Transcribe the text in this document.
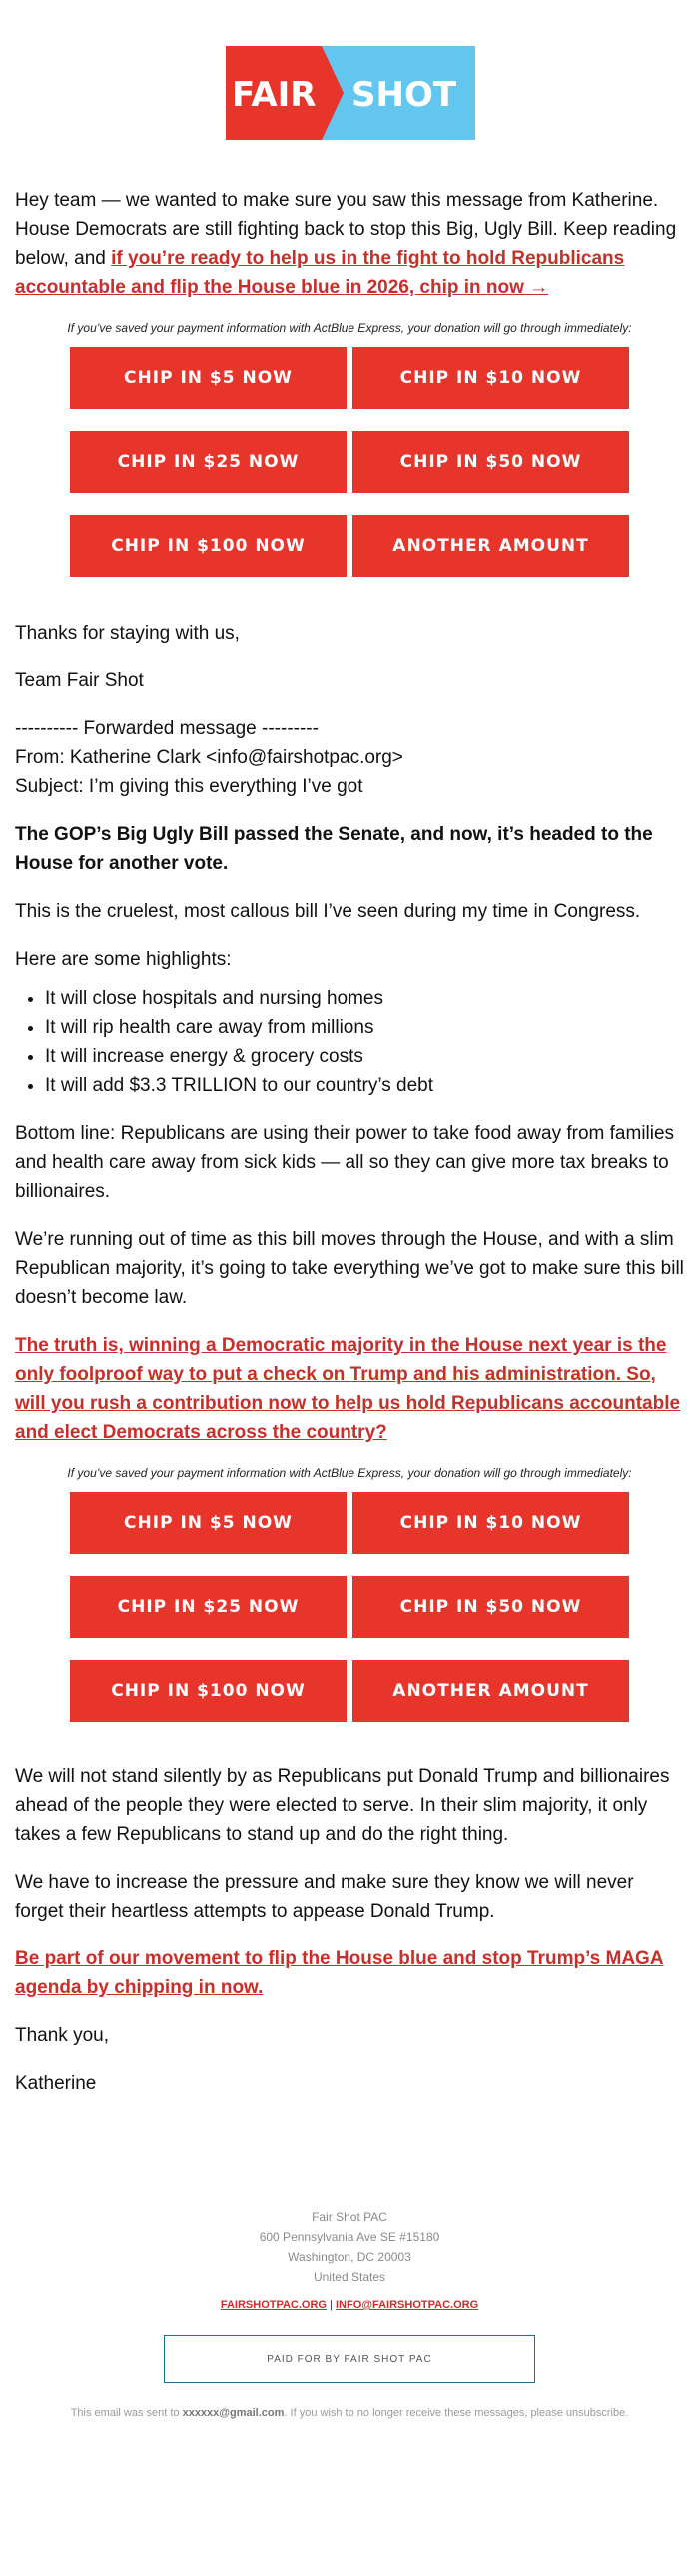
FAIR SHOT

Hey team — we wanted to make sure you saw this message from Katherine. House Democrats are still fighting back to stop this Big, Ugly Bill. Keep reading below, and if you’re ready to help us in the fight to hold Republicans accountable and flip the House blue in 2026, chip in now →

If you’ve saved your payment information with ActBlue Express, your donation will go through immediately:
CHIP IN $5 NOW	CHIP IN $10 NOW
CHIP IN $25 NOW	CHIP IN $50 NOW
CHIP IN $100 NOW	ANOTHER AMOUNT

Thanks for staying with us,

Team Fair Shot

---------- Forwarded message ---------
From: Katherine Clark <info@fairshotpac.org>
Subject: I’m giving this everything I’ve got

The GOP’s Big Ugly Bill passed the Senate, and now, it’s headed to the House for another vote.

This is the cruelest, most callous bill I’ve seen during my time in Congress.

Here are some highlights:

• It will close hospitals and nursing homes
• It will rip health care away from millions
• It will increase energy & grocery costs
• It will add $3.3 TRILLION to our country’s debt

Bottom line: Republicans are using their power to take food away from families and health care away from sick kids — all so they can give more tax breaks to billionaires.

We’re running out of time as this bill moves through the House, and with a slim Republican majority, it’s going to take everything we’ve got to make sure this bill doesn’t become law.

The truth is, winning a Democratic majority in the House next year is the only foolproof way to put a check on Trump and his administration. So, will you rush a contribution now to help us hold Republicans accountable and elect Democrats across the country?

If you’ve saved your payment information with ActBlue Express, your donation will go through immediately:
CHIP IN $5 NOW	CHIP IN $10 NOW
CHIP IN $25 NOW	CHIP IN $50 NOW
CHIP IN $100 NOW	ANOTHER AMOUNT

We will not stand silently by as Republicans put Donald Trump and billionaires ahead of the people they were elected to serve. In their slim majority, it only takes a few Republicans to stand up and do the right thing.

We have to increase the pressure and make sure they know we will never forget their heartless attempts to appease Donald Trump.

Be part of our movement to flip the House blue and stop Trump’s MAGA agenda by chipping in now.

Thank you,

Katherine

Fair Shot PAC
600 Pennsylvania Ave SE #15180
Washington, DC 20003
United States
FAIRSHOTPAC.ORG | INFO@FAIRSHOTPAC.ORG
PAID FOR BY FAIR SHOT PAC
This email was sent to xxxxxx@gmail.com. If you wish to no longer receive these messages, please unsubscribe.
